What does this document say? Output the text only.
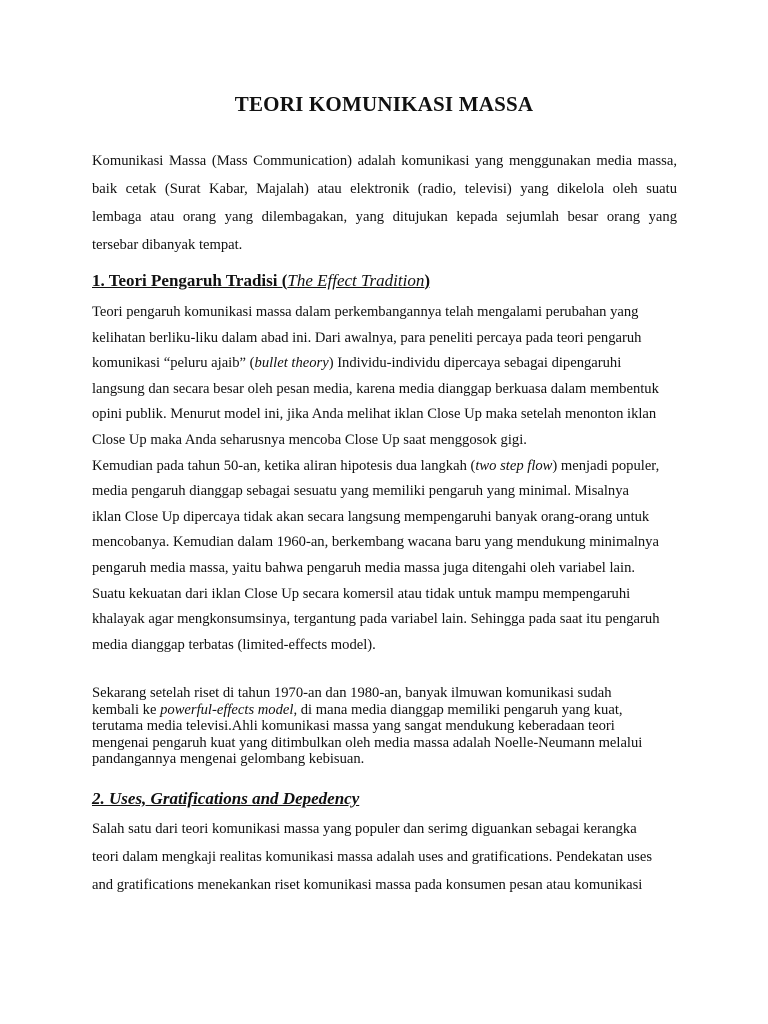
TEORI KOMUNIKASI MASSA
Komunikasi Massa (Mass Communication) adalah komunikasi yang menggunakan media massa,
baik cetak (Surat Kabar, Majalah) atau elektronik (radio, televisi) yang dikelola oleh suatu
lembaga atau orang yang dilembagakan, yang ditujukan kepada sejumlah besar orang yang
tersebar dibanyak tempat.
1. Teori Pengaruh Tradisi (The Effect Tradition)
Teori pengaruh komunikasi massa dalam perkembangannya telah mengalami perubahan yang
kelihatan berliku-liku dalam abad ini. Dari awalnya, para peneliti percaya pada teori pengaruh
komunikasi “peluru ajaib” (bullet theory) Individu-individu dipercaya sebagai dipengaruhi
langsung dan secara besar oleh pesan media, karena media dianggap berkuasa dalam membentuk
opini publik. Menurut model ini, jika Anda melihat iklan Close Up maka setelah menonton iklan
Close Up maka Anda seharusnya mencoba Close Up saat menggosok gigi.
Kemudian pada tahun 50-an, ketika aliran hipotesis dua langkah (two step flow) menjadi populer,
media pengaruh dianggap sebagai sesuatu yang memiliki pengaruh yang minimal. Misalnya
iklan Close Up dipercaya tidak akan secara langsung mempengaruhi banyak orang-orang untuk
mencobanya. Kemudian dalam 1960-an, berkembang wacana baru yang mendukung minimalnya
pengaruh media massa, yaitu bahwa pengaruh media massa juga ditengahi oleh variabel lain.
Suatu kekuatan dari iklan Close Up secara komersil atau tidak untuk mampu mempengaruhi
khalayak agar mengkonsumsinya, tergantung pada variabel lain. Sehingga pada saat itu pengaruh
media dianggap terbatas (limited-effects model).
Sekarang setelah riset di tahun 1970-an dan 1980-an, banyak ilmuwan komunikasi sudah
kembali ke powerful-effects model, di mana media dianggap memiliki pengaruh yang kuat,
terutama media televisi.Ahli komunikasi massa yang sangat mendukung keberadaan teori
mengenai pengaruh kuat yang ditimbulkan oleh media massa adalah Noelle-Neumann melalui
pandangannya mengenai gelombang kebisuan.
2. Uses, Gratifications and Depedency
Salah satu dari teori komunikasi massa yang populer dan serimg diguankan sebagai kerangka
teori dalam mengkaji realitas komunikasi massa adalah uses and gratifications. Pendekatan uses
and gratifications menekankan riset komunikasi massa pada konsumen pesan atau komunikasi
